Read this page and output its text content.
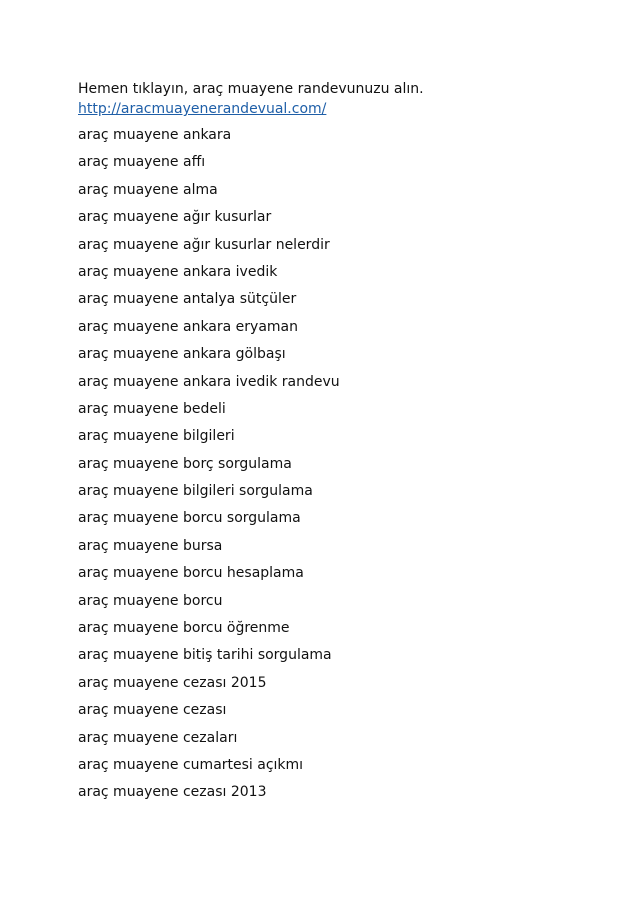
Hemen tıklayın, araç muayene randevunuzu alın.

http://aracmuayenerandevual.com/
araç muayene ankara
araç muayene affı
araç muayene alma
araç muayene ağır kusurlar
araç muayene ağır kusurlar nelerdir
araç muayene ankara ivedik
araç muayene antalya sütçüler
araç muayene ankara eryaman
araç muayene ankara gölbaşı
araç muayene ankara ivedik randevu
araç muayene bedeli
araç muayene bilgileri
araç muayene borç sorgulama
araç muayene bilgileri sorgulama
araç muayene borcu sorgulama
araç muayene bursa
araç muayene borcu hesaplama
araç muayene borcu
araç muayene borcu öğrenme
araç muayene bitiş tarihi sorgulama
araç muayene cezası 2015
araç muayene cezası
araç muayene cezaları
araç muayene cumartesi açıkmı
araç muayene cezası 2013
